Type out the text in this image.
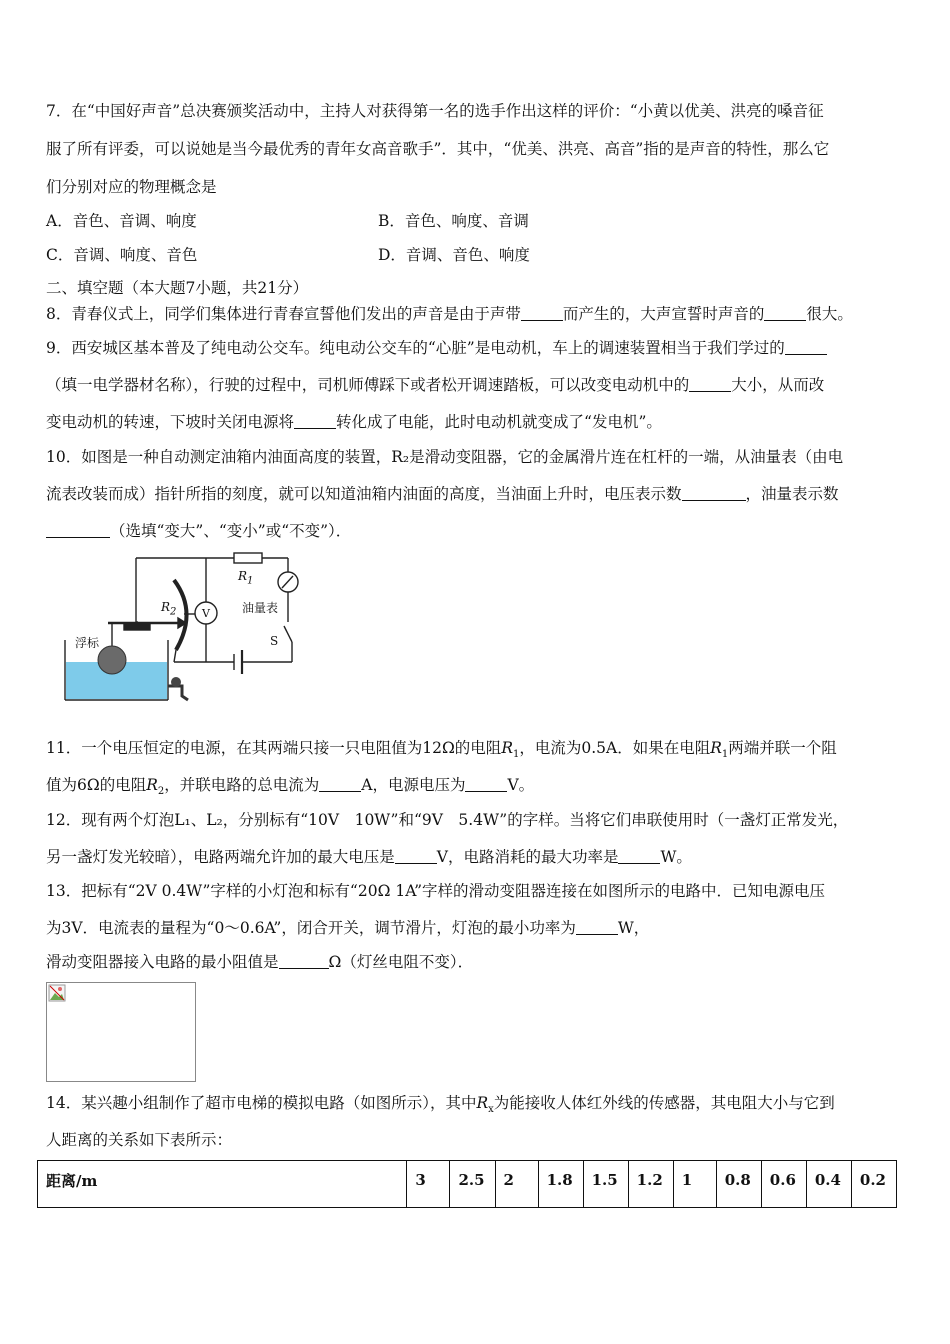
7．在“中国好声音”总决赛颁奖活动中，主持人对获得第一名的选手作出这样的评价：“小黄以优美、洪亮的嗓音征
服了所有评委，可以说她是当今最优秀的青年女高音歌手”．其中，“优美、洪亮、高音”指的是声音的特性，那么它
们分别对应的物理概念是
A．音色、音调、响度	B．音色、响度、音调
C．音调、响度、音色	D．音调、音色、响度
二、填空题（本大题7小题，共21分）
8．青春仪式上，同学们集体进行青春宣誓他们发出的声音是由于声带	而产生的，大声宣誓时声音的	很大。
9．西安城区基本普及了纯电动公交车。纯电动公交车的“心脏”是电动机，车上的调速装置相当于我们学过的
（填一电学器材名称），行驶的过程中，司机师傅踩下或者松开调速踏板，可以改变电动机中的	大小，从而改
变电动机的转速，下坡时关闭电源将	转化成了电能，此时电动机就变成了“发电机”。
10．如图是一种自动测定油箱内油面高度的装置，R₂是滑动变阻器，它的金属滑片连在杠杆的一端，从油量表（由电
流表改装而成）指针所指的刻度，就可以知道油箱内油面的高度，当油面上升时，电压表示数	，油量表示数
（选填“变大”、“变小”或“不变”）．
$R_1$
$R_2$ V	油量表
S
浮标
11．一个电压恒定的电源，在其两端只接一只电阻值为12Ω的电阻$R_1$，电流为0.5A．如果在电阻$R_1$两端并联一个阻
值为6Ω的电阻$R_2$，并联电路的总电流为	A，电源电压为	V。
12．现有两个灯泡L₁、L₂，分别标有“10V　10W”和“9V　5.4W”的字样。当将它们串联使用时（一盏灯正常发光，
另一盏灯发光较暗），电路两端允许加的最大电压是	V，电路消耗的最大功率是	W。
13．把标有“2V 0.4W”字样的小灯泡和标有“20Ω 1A”字样的滑动变阻器连接在如图所示的电路中．已知电源电压
为3V．电流表的量程为“0～0.6A”，闭合开关，调节滑片，灯泡的最小功率为	W，
滑动变阻器接入电路的最小阻值是	Ω（灯丝电阻不变）．
14．某兴趣小组制作了超市电梯的模拟电路（如图所示），其中$R_x$为能接收人体红外线的传感器，其电阻大小与它到
人距离的关系如下表所示：
距离/m	3	2.5	2	1.8	1.5	1.2	1	0.8	0.6	0.4	0.2
